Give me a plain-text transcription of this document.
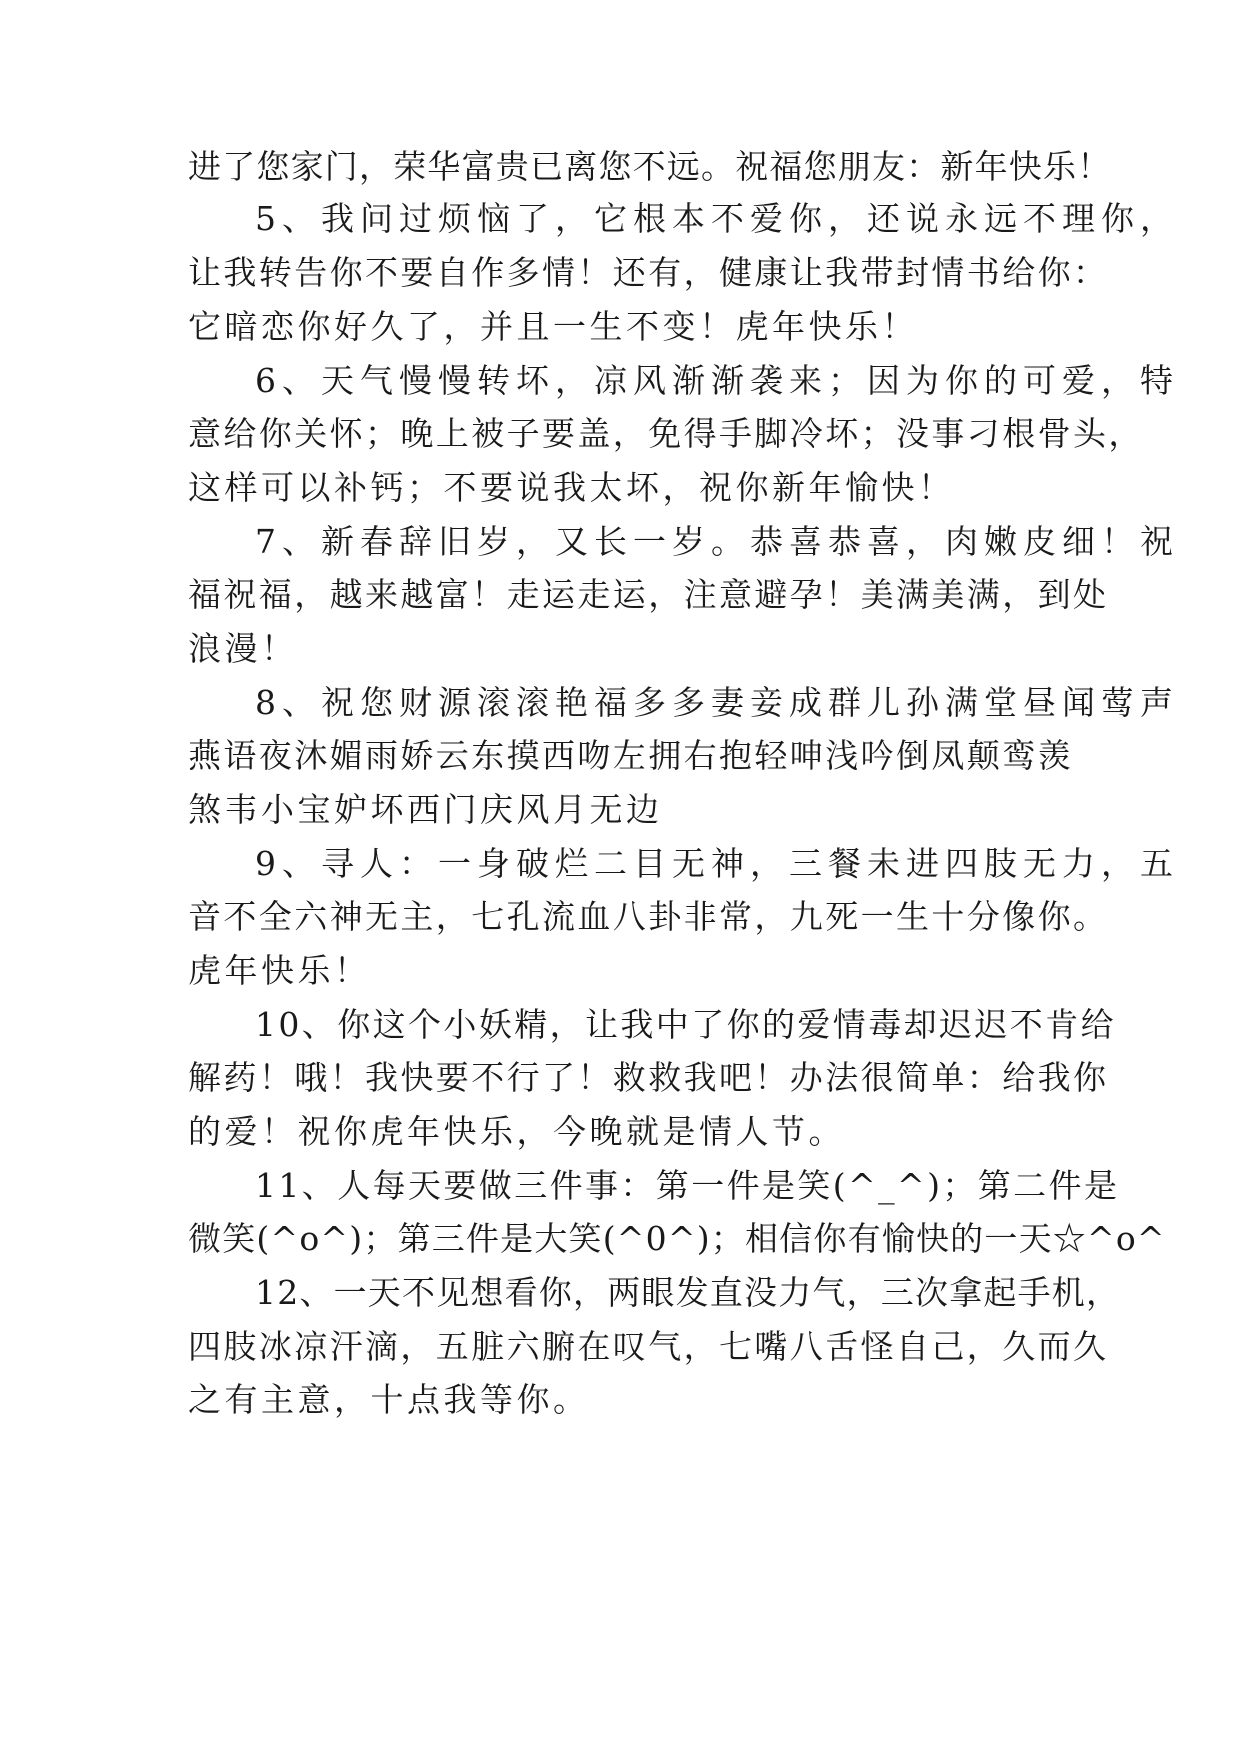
进了您家门，荣华富贵已离您不远。祝福您朋友：新年快乐！
5、我问过烦恼了，它根本不爱你，还说永远不理你，
让我转告你不要自作多情！还有，健康让我带封情书给你：
它暗恋你好久了，并且一生不变！虎年快乐！
6、天气慢慢转坏，凉风渐渐袭来；因为你的可爱，特
意给你关怀；晚上被子要盖，免得手脚冷坏；没事刁根骨头，
这样可以补钙；不要说我太坏，祝你新年愉快！
7、新春辞旧岁，又长一岁。恭喜恭喜，肉嫩皮细！祝
福祝福，越来越富！走运走运，注意避孕！美满美满，到处
浪漫！
8、祝您财源滚滚艳福多多妻妾成群儿孙满堂昼闻莺声
燕语夜沐媚雨娇云东摸西吻左拥右抱轻呻浅吟倒凤颠鸾羡
煞韦小宝妒坏西门庆风月无边
9、寻人：一身破烂二目无神，三餐未进四肢无力，五
音不全六神无主，七孔流血八卦非常，九死一生十分像你。
虎年快乐！
10、你这个小妖精，让我中了你的爱情毒却迟迟不肯给
解药！哦！我快要不行了！救救我吧！办法很简单：给我你
的爱！祝你虎年快乐，今晚就是情人节。
11、人每天要做三件事：第一件是笑(^_^)；第二件是
微笑(^o^)；第三件是大笑(^0^)；相信你有愉快的一天☆^o^
12、一天不见想看你，两眼发直没力气，三次拿起手机，
四肢冰凉汗滴，五脏六腑在叹气，七嘴八舌怪自己，久而久
之有主意，十点我等你。
